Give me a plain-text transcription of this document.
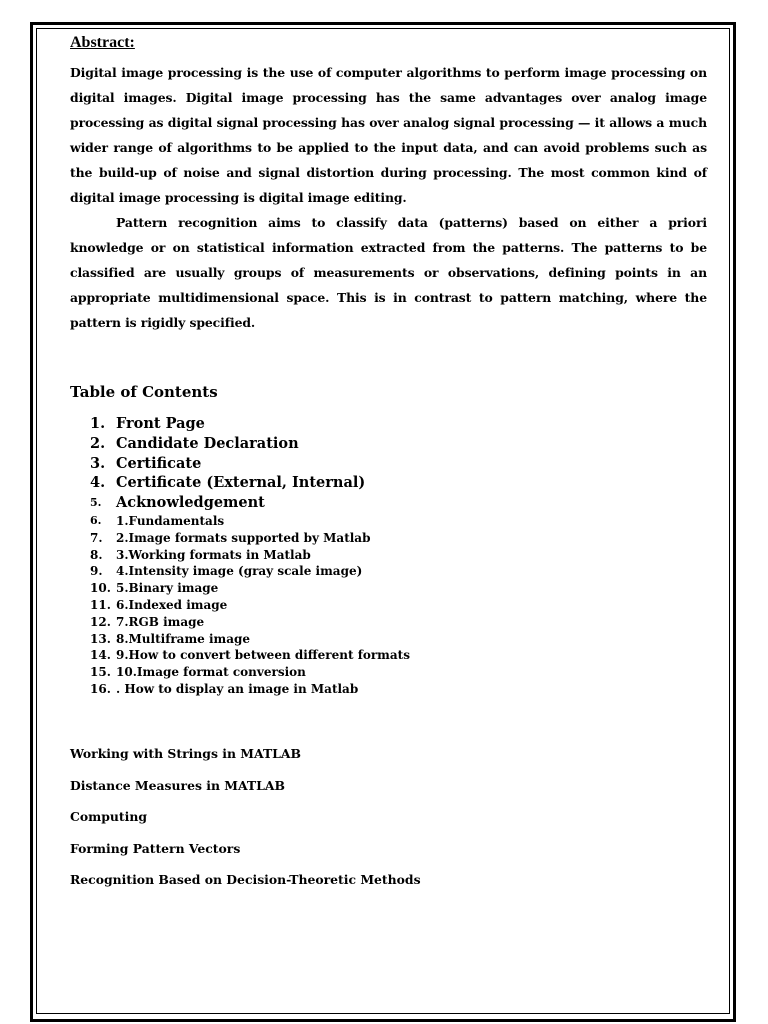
Abstract:

Digital image processing is the use of computer algorithms to perform image processing on digital images. Digital image processing has the same advantages over analog image processing as digital signal processing has over analog signal processing — it allows a much wider range of algorithms to be applied to the input data, and can avoid problems such as the build-up of noise and signal distortion during processing. The most common kind of digital image processing is digital image editing.

Pattern recognition aims to classify data (patterns) based on either a priori knowledge or on statistical information extracted from the patterns. The patterns to be classified are usually groups of measurements or observations, defining points in an appropriate multidimensional space. This is in contrast to pattern matching, where the pattern is rigidly specified.

Table of Contents
1. Front Page
2. Candidate Declaration
3. Certificate
4. Certificate (External, Internal)
5.	Acknowledgement
6.	1.Fundamentals
7.	2.Image formats supported by Matlab
8.	3.Working formats in Matlab
9.	4.Intensity image (gray scale image)
10. 5.Binary image
11. 6.Indexed image
12. 7.RGB image
13. 8.Multiframe image
14. 9.How to convert between different formats
15. 10.Image format conversion
16. . How to display an image in Matlab
Working with Strings in MATLAB
Distance Measures in MATLAB
Computing
Forming Pattern Vectors
Recognition Based on Decision-Theoretic Methods
